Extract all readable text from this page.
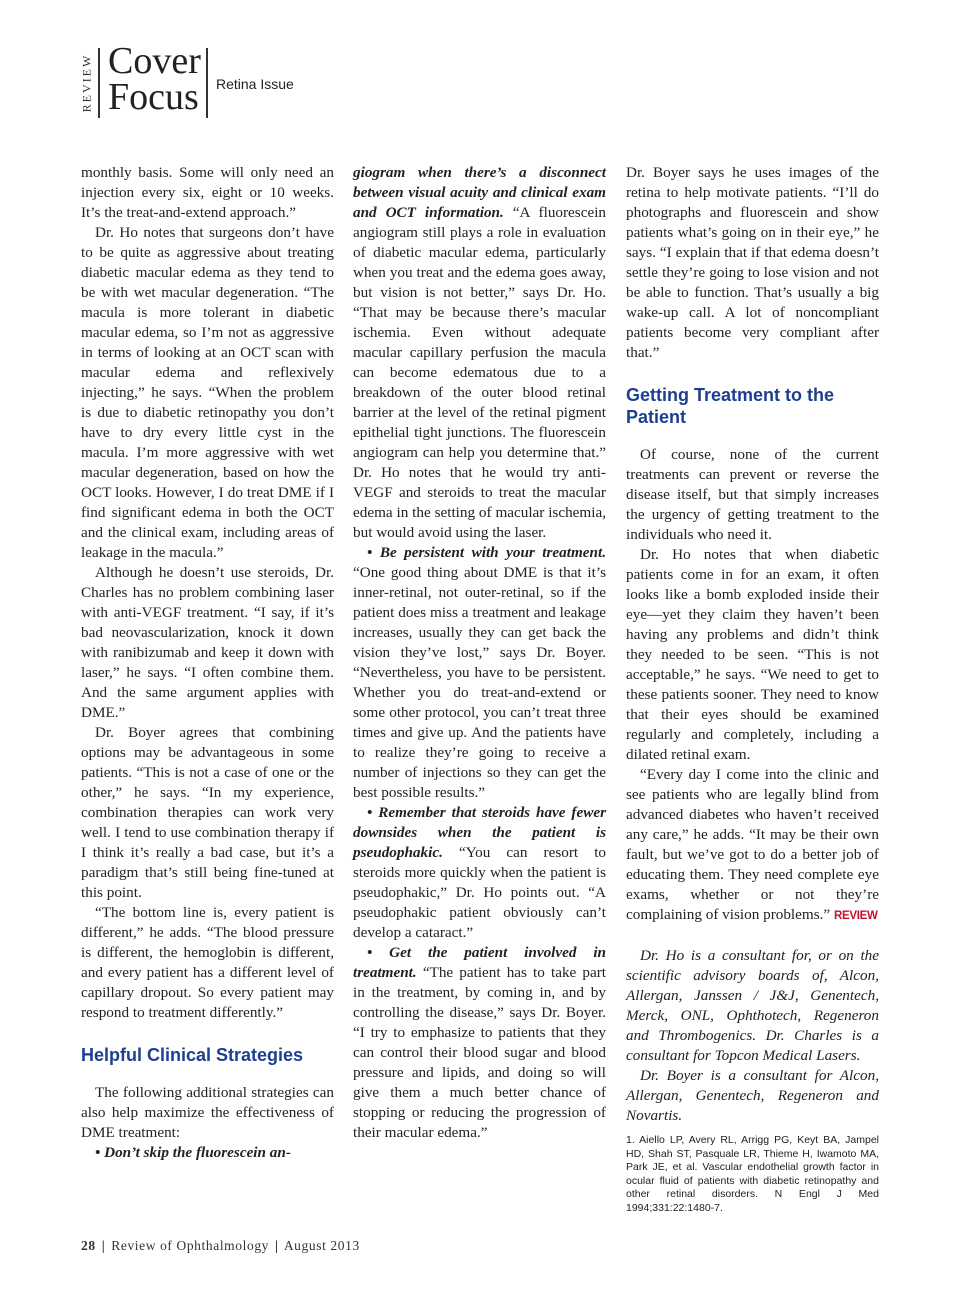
REVIEW Cover
Focus Retina Issue

monthly basis. Some will only need an injection every six, eight or 10 weeks. It’s the treat-and-extend approach.”

Dr. Ho notes that surgeons don’t have to be quite as aggressive about treating diabetic macular edema as they tend to be with wet macular degeneration. “The macula is more tolerant in diabetic macular edema, so I’m not as aggressive in terms of looking at an OCT scan with macular edema and reflexively injecting,” he says. “When the problem is due to diabetic retinopathy you don’t have to dry every little cyst in the macula. I’m more aggressive with wet macular degeneration, based on how the OCT looks. However, I do treat DME if I find significant edema in both the OCT and the clinical exam, including areas of leakage in the macula.”

Although he doesn’t use steroids, Dr. Charles has no problem combining laser with anti-VEGF treatment. “I say, if it’s bad neovascularization, knock it down with ranibizumab and keep it down with laser,” he says. “I often combine them. And the same argument applies with DME.”

Dr. Boyer agrees that combining options may be advantageous in some patients. “This is not a case of one or the other,” he says. “In my experience, combination therapies can work very well. I tend to use combination therapy if I think it’s really a bad case, but it’s a paradigm that’s still being fine-tuned at this point.

“The bottom line is, every patient is different,” he adds. “The blood pressure is different, the hemoglobin is different, and every patient has a different level of capillary dropout. So every patient may respond to treatment differently.”

Helpful Clinical Strategies

The following additional strategies can also help maximize the effectiveness of DME treatment:

• Don’t skip the fluorescein an-

giogram when there’s a disconnect between visual acuity and clinical exam and OCT information. “A fluorescein angiogram still plays a role in evaluation of diabetic macular edema, particularly when you treat and the edema goes away, but vision is not better,” says Dr. Ho. “That may be because there’s macular ischemia. Even without adequate macular capillary perfusion the macula can become edematous due to a breakdown of the outer blood retinal barrier at the level of the retinal pigment epithelial tight junctions. The fluorescein angiogram can help you determine that.” Dr. Ho notes that he would try anti-VEGF and steroids to treat the macular edema in the setting of macular ischemia, but would avoid using the laser.

• Be persistent with your treatment. “One good thing about DME is that it’s inner-retinal, not outer-retinal, so if the patient does miss a treatment and leakage increases, usually they can get back the vision they’ve lost,” says Dr. Boyer. “Nevertheless, you have to be persistent. Whether you do treat-and-extend or some other protocol, you can’t treat three times and give up. And the patients have to realize they’re going to receive a number of injections so they can get the best possible results.”

• Remember that steroids have fewer downsides when the patient is pseudophakic. “You can resort to steroids more quickly when the patient is pseudophakic,” Dr. Ho points out. “A pseudophakic patient obviously can’t develop a cataract.”

• Get the patient involved in treatment. “The patient has to take part in the treatment, by coming in, and by controlling the disease,” says Dr. Boyer. “I try to emphasize to patients that they can control their blood sugar and blood pressure and lipids, and doing so will give them a much better chance of stopping or reducing the progression of their macular edema.”

Dr. Boyer says he uses images of the retina to help motivate patients. “I’ll do photographs and fluorescein and show patients what’s going on in their eye,” he says. “I explain that if that edema doesn’t settle they’re going to lose vision and not be able to function. That’s usually a big wake-up call. A lot of noncompliant patients become very compliant after that.”

Getting Treatment to the Patient

Of course, none of the current treatments can prevent or reverse the disease itself, but that simply increases the urgency of getting treatment to the individuals who need it.

Dr. Ho notes that when diabetic patients come in for an exam, it often looks like a bomb exploded inside their eye—yet they claim they haven’t been having any problems and didn’t think they needed to be seen. “This is not acceptable,” he says. “We need to get to these patients sooner. They need to know that their eyes should be examined regularly and completely, including a dilated retinal exam.

“Every day I come into the clinic and see patients who are legally blind from advanced diabetes who haven’t received any care,” he adds. “It may be their own fault, but we’ve got to do a better job of educating them. They need complete eye exams, whether or not they’re complaining of vision problems.” REVIEW

Dr. Ho is a consultant for, or on the scientific advisory boards of, Alcon, Allergan, Janssen / J&J, Genentech, Merck, ONL, Ophthotech, Regeneron and Thrombogenics. Dr. Charles is a consultant for Topcon Medical Lasers.

Dr. Boyer is a consultant for Alcon, Allergan, Genentech, Regeneron and Novartis.

1. Aiello LP, Avery RL, Arrigg PG, Keyt BA, Jampel HD, Shah ST, Pasquale LR, Thieme H, Iwamoto MA, Park JE, et al. Vascular endothelial growth factor in ocular fluid of patients with diabetic retinopathy and other retinal disorders. N Engl J Med 1994;331:22:1480-7.
28 | Review of Ophthalmology | August 2013
